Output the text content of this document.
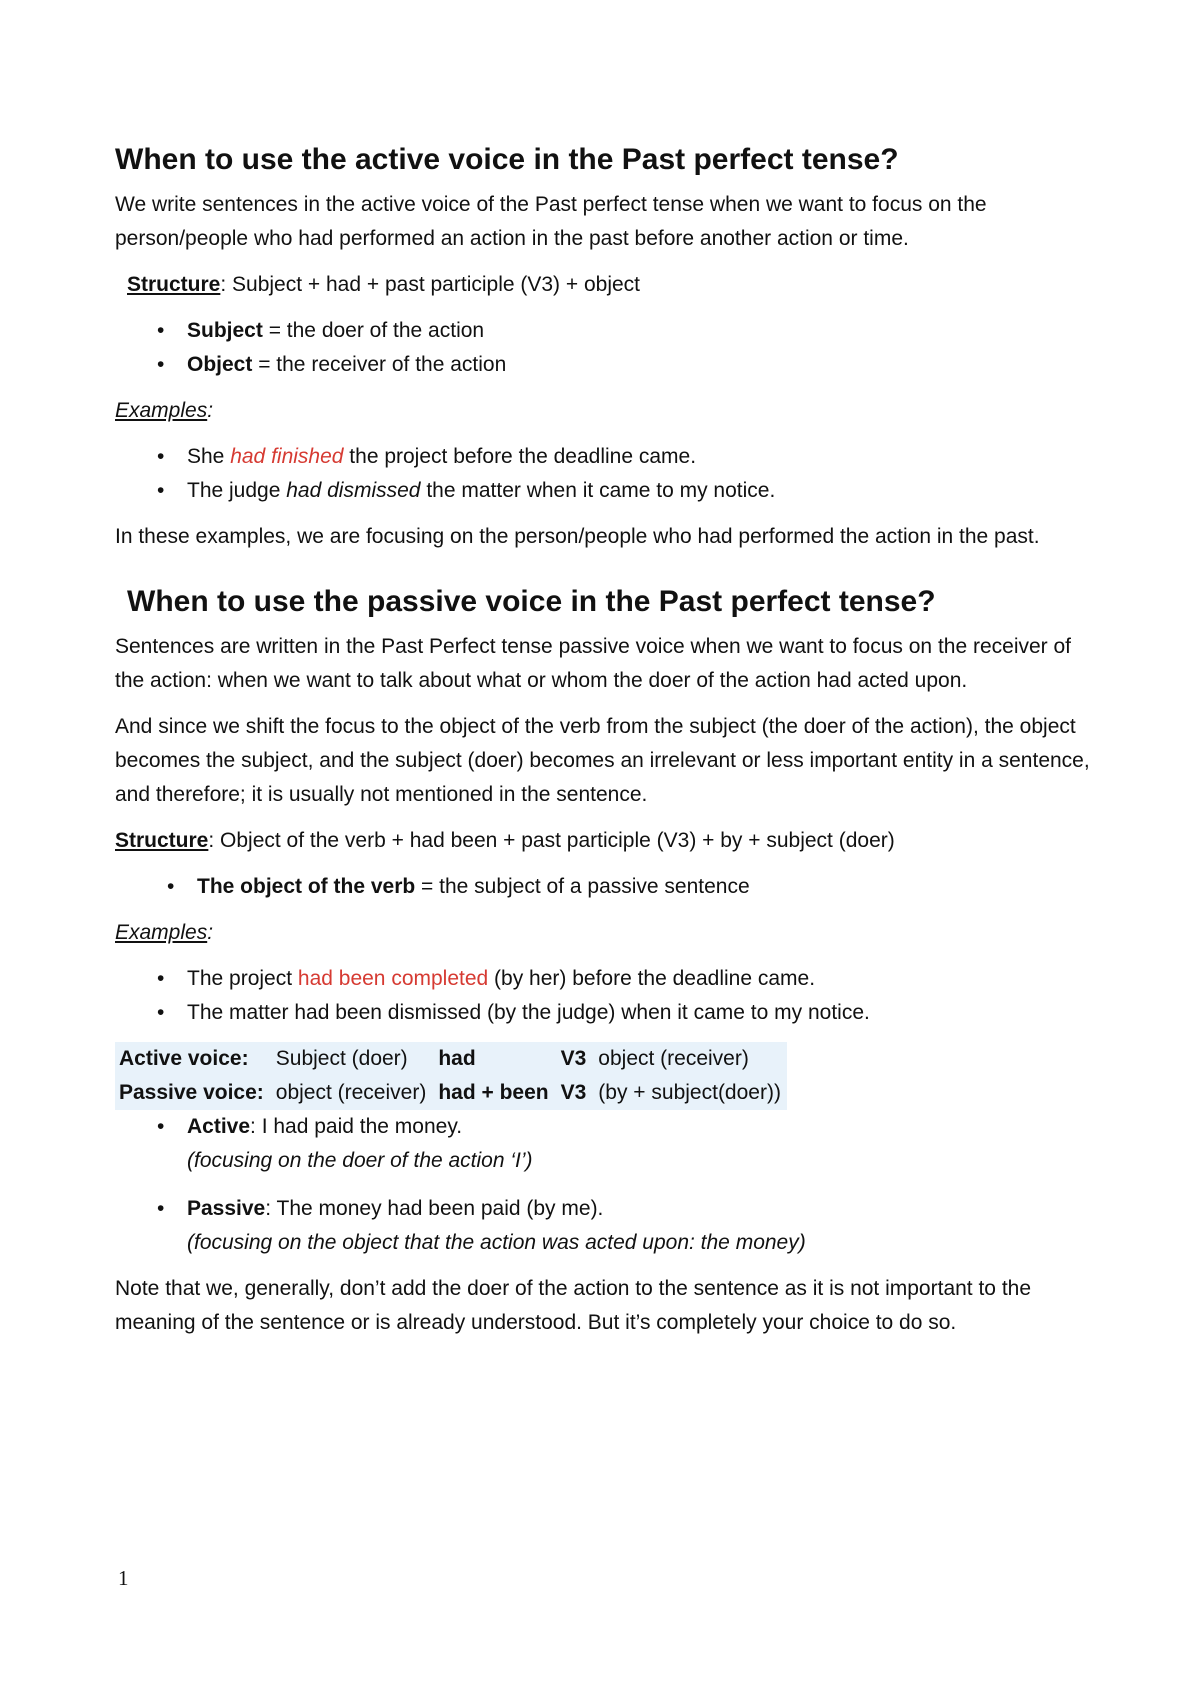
When to use the active voice in the Past perfect tense?

We write sentences in the active voice of the Past perfect tense when we want to focus on the person/people who had performed an action in the past before another action or time.

Structure: Subject + had + past participle (V3) + object

• Subject = the doer of the action
• Object = the receiver of the action

Examples:

• She had finished the project before the deadline came.
• The judge had dismissed the matter when it came to my notice.

In these examples, we are focusing on the person/people who had performed the action in the past.

When to use the passive voice in the Past perfect tense?

Sentences are written in the Past Perfect tense passive voice when we want to focus on the receiver of the action: when we want to talk about what or whom the doer of the action had acted upon.

And since we shift the focus to the object of the verb from the subject (the doer of the action), the object becomes the subject, and the subject (doer) becomes an irrelevant or less important entity in a sentence, and therefore; it is usually not mentioned in the sentence.

Structure: Object of the verb + had been + past participle (V3) + by + subject (doer)

• The object of the verb = the subject of a passive sentence

Examples:

• The project had been completed (by her) before the deadline came.
• The matter had been dismissed (by the judge) when it came to my notice.
Active voice:	Subject (doer)	had	V3	object (receiver)
Passive voice:	object (receiver)	had + been	V3	(by + subject(doer))
• Active: I had paid the money.
(focusing on the doer of the action ‘I’)
• Passive: The money had been paid (by me).
(focusing on the object that the action was acted upon: the money)

Note that we, generally, don’t add the doer of the action to the sentence as it is not important to the meaning of the sentence or is already understood. But it’s completely your choice to do so.

1
